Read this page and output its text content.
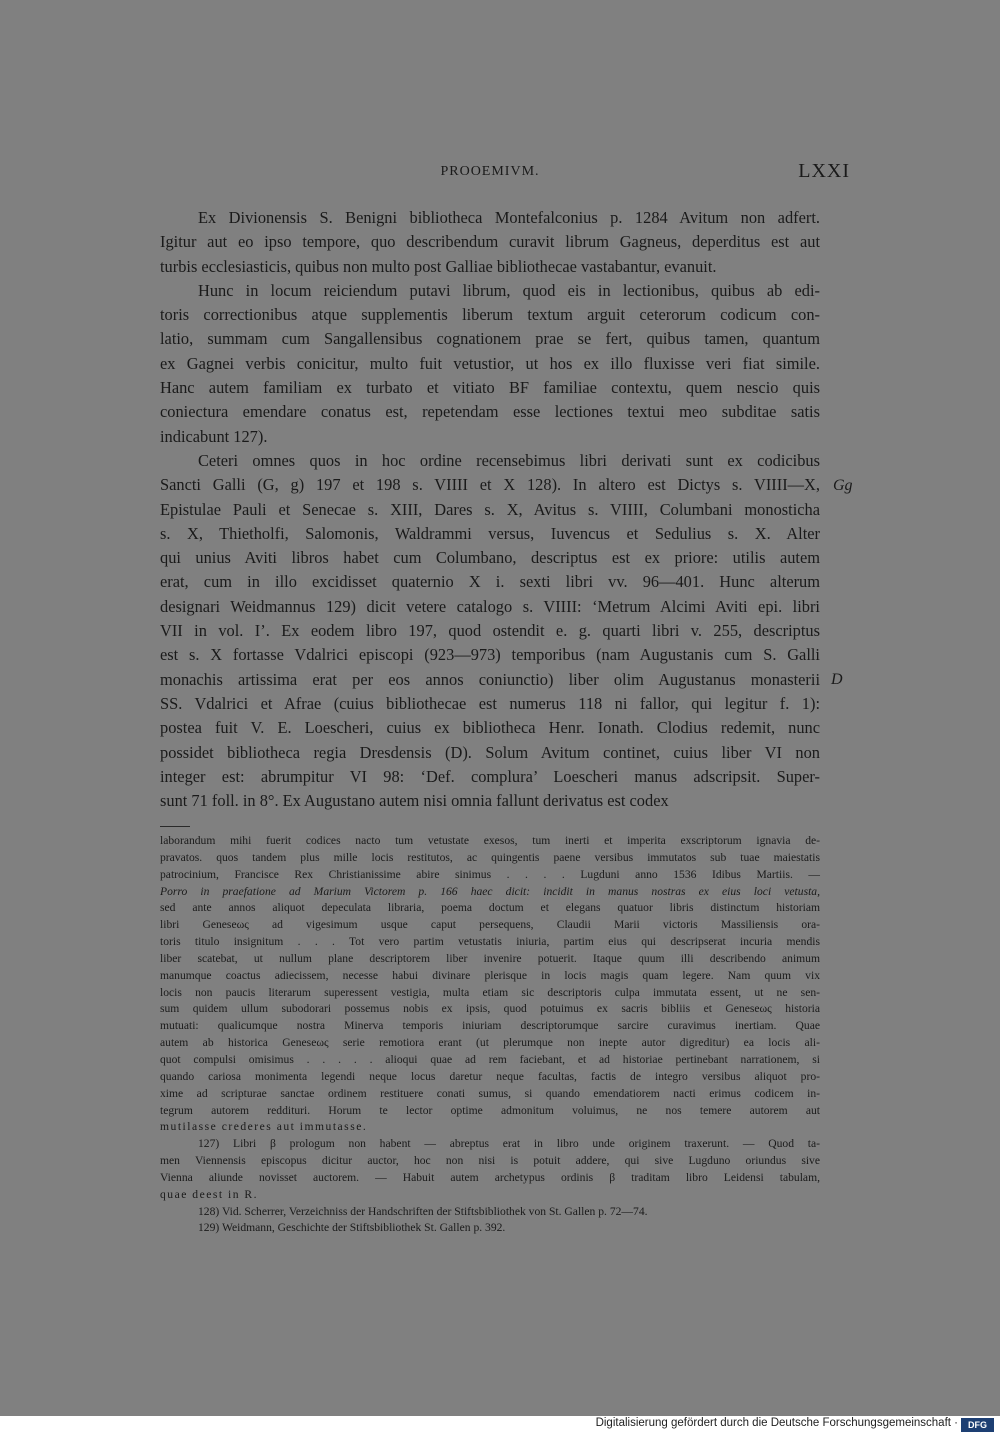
PROOEMIVM.	LXXI

Ex Divionensis S. Benigni bibliotheca Montefalconius p. 1284 Avitum non adfert.
Igitur aut eo ipso tempore, quo describendum curavit librum Gagneus, deperditus est aut
turbis ecclesiasticis, quibus non multo post Galliae bibliothecae vastabantur, evanuit.

Hunc in locum reiciendum putavi librum, quod eis in lectionibus, quibus ab edi-
toris correctionibus atque supplementis liberum textum arguit ceterorum codicum con-
latio, summam cum Sangallensibus cognationem prae se fert, quibus tamen, quantum
ex Gagnei verbis conicitur, multo fuit vetustior, ut hos ex illo fluxisse veri fiat simile.
Hanc autem familiam ex turbato et vitiato BF familiae contextu, quem nescio quis
coniectura emendare conatus est, repetendam esse lectiones textui meo subditae satis
indicabunt 127).

Ceteri omnes quos in hoc ordine recensebimus libri derivati sunt ex codicibus
Sancti Galli (G, g) 197 et 198 s. VIIII et X 128). In altero est Dictys s. VIIII—X,
Epistulae Pauli et Senecae s. XIII, Dares s. X, Avitus s. VIIII, Columbani monosticha
s. X, Thietholfi, Salomonis, Waldrammi versus, Iuvencus et Sedulius s. X. Alter
qui unius Aviti libros habet cum Columbano, descriptus est ex priore: utilis autem
erat, cum in illo excidisset quaternio X i. sexti libri vv. 96—401. Hunc alterum
designari Weidmannus 129) dicit vetere catalogo s. VIIII: ‘Metrum Alcimi Aviti epi. libri
VII in vol. I’. Ex eodem libro 197, quod ostendit e. g. quarti libri v. 255, descriptus
est s. X fortasse Vdalrici episcopi (923—973) temporibus (nam Augustanis cum S. Galli
monachis artissima erat per eos annos coniunctio) liber olim Augustanus monasterii
SS. Vdalrici et Afrae (cuius bibliothecae est numerus 118 ni fallor, qui legitur f. 1):
postea fuit V. E. Loescheri, cuius ex bibliotheca Henr. Ionath. Clodius redemit, nunc
possidet bibliotheca regia Dresdensis (D). Solum Avitum continet, cuius liber VI non
integer est: abrumpitur VI 98: ‘Def. complura’ Loescheri manus adscripsit. Super-
sunt 71 foll. in 8°. Ex Augustano autem nisi omnia fallunt derivatus est codex

Gg
D
laborandum mihi fuerit codices nacto tum vetustate exesos, tum inerti et imperita exscriptorum ignavia de-
pravatos. quos tandem plus mille locis restitutos, ac quingentis paene versibus immutatos sub tuae maiestatis
patrocinium, Francisce Rex Christianissime abire sinimus . . . . Lugduni anno 1536 Idibus Martiis. —
Porro in praefatione ad Marium Victorem p. 166 haec dicit: incidit in manus nostras ex eius loci vetusta,
sed ante annos aliquot depeculata libraria, poema doctum et elegans quatuor libris distinctum historiam
libri Geneseως ad vigesimum usque caput persequens, Claudii Marii victoris Massiliensis ora-
toris titulo insignitum . . . Tot vero partim vetustatis iniuria, partim eius qui descripserat incuria mendis
liber scatebat, ut nullum plane descriptorem liber invenire potuerit. Itaque quum illi describendo animum
manumque coactus adiecissem, necesse habui divinare plerisque in locis magis quam legere. Nam quum vix
locis non paucis literarum superessent vestigia, multa etiam sic descriptoris culpa immutata essent, ut ne sen-
sum quidem ullum subodorari possemus nobis ex ipsis, quod potuimus ex sacris bibliis et Geneseως historia
mutuati: qualicumque nostra Minerva temporis iniuriam descriptorumque sarcire curavimus inertiam. Quae
autem ab historica Geneseως serie remotiora erant (ut plerumque non inepte autor digreditur) ea locis ali-
quot compulsi omisimus . . . . . alioqui quae ad rem faciebant, et ad historiae pertinebant narrationem, si
quando cariosa monimenta legendi neque locus daretur neque facultas, factis de integro versibus aliquot pro-
xime ad scripturae sanctae ordinem restituere conati sumus, si quando emendatiorem nacti erimus codicem in-
tegrum autorem reddituri. Horum te lector optime admonitum voluimus, ne nos temere autorem aut
mutilasse crederes aut immutasse.
127) Libri β prologum non habent — abreptus erat in libro unde originem traxerunt. — Quod ta-
men Viennensis episcopus dicitur auctor, hoc non nisi is potuit addere, qui sive Lugduno oriundus sive
Vienna aliunde novisset auctorem. — Habuit autem archetypus ordinis β traditam libro Leidensi tabulam,
quae deest in R.
128) Vid. Scherrer, Verzeichniss der Handschriften der Stiftsbibliothek von St. Gallen p. 72—74.
129) Weidmann, Geschichte der Stiftsbibliothek St. Gallen p. 392.
Digitalisierung gefördert durch die Deutsche Forschungsgemeinschaft ·	DFG
